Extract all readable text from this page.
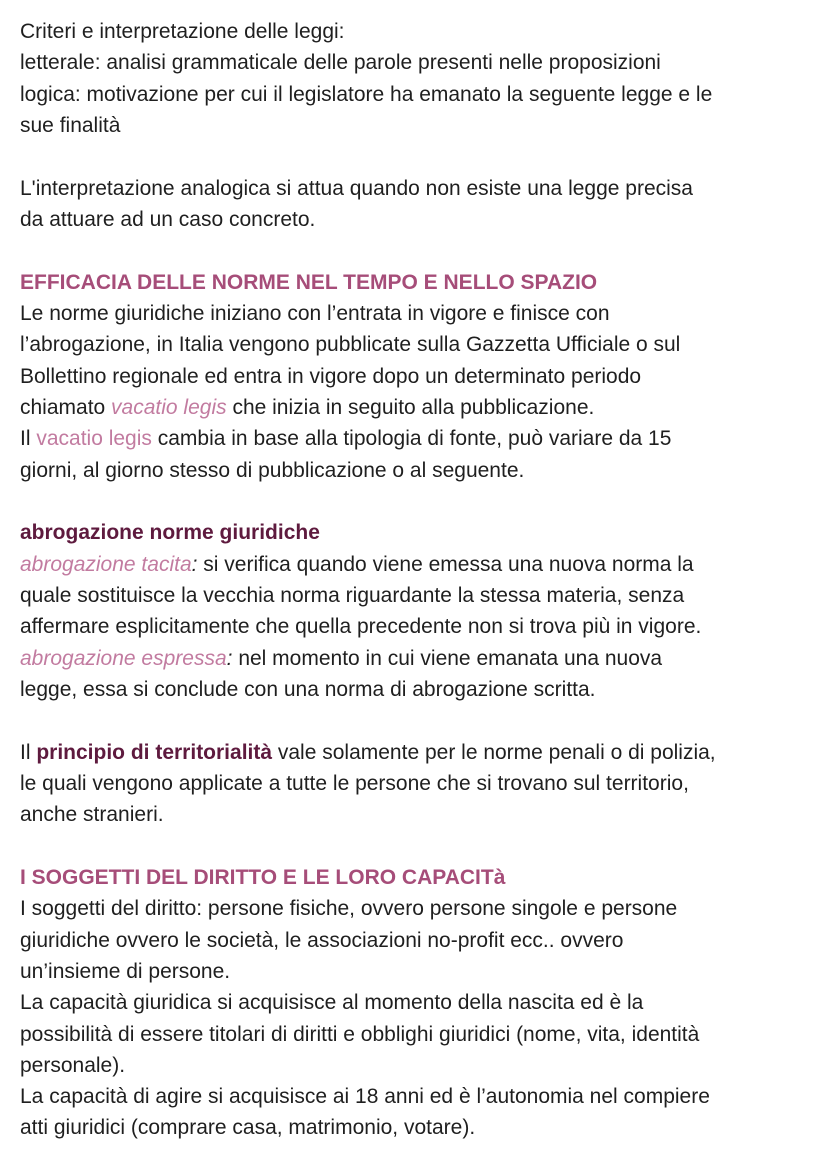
Criteri e interpretazione delle leggi:
letterale: analisi grammaticale delle parole presenti nelle proposizioni
logica: motivazione per cui il legislatore ha emanato la seguente legge e le
sue finalità
L'interpretazione analogica si attua quando non esiste una legge precisa
da attuare ad un caso concreto.
EFFICACIA DELLE NORME NEL TEMPO E NELLO SPAZIO
Le norme giuridiche iniziano con l’entrata in vigore e finisce con
l’abrogazione, in Italia vengono pubblicate sulla Gazzetta Ufficiale o sul
Bollettino regionale ed entra in vigore dopo un determinato periodo
chiamato vacatio legis che inizia in seguito alla pubblicazione.
Il vacatio legis cambia in base alla tipologia di fonte, può variare da 15
giorni, al giorno stesso di pubblicazione o al seguente.
abrogazione norme giuridiche
abrogazione tacita: si verifica quando viene emessa una nuova norma la
quale sostituisce la vecchia norma riguardante la stessa materia, senza
affermare esplicitamente che quella precedente non si trova più in vigore.
abrogazione espressa: nel momento in cui viene emanata una nuova
legge, essa si conclude con una norma di abrogazione scritta.
Il principio di territorialità vale solamente per le norme penali o di polizia,
le quali vengono applicate a tutte le persone che si trovano sul territorio,
anche stranieri.
I SOGGETTI DEL DIRITTO E LE LORO CAPACITà
I soggetti del diritto: persone fisiche, ovvero persone singole e persone
giuridiche ovvero le società, le associazioni no-profit ecc.. ovvero
un’insieme di persone.
La capacità giuridica si acquisisce al momento della nascita ed è la
possibilità di essere titolari di diritti e obblighi giuridici (nome, vita, identità
personale).
La capacità di agire si acquisisce ai 18 anni ed è l’autonomia nel compiere
atti giuridici (comprare casa, matrimonio, votare).
